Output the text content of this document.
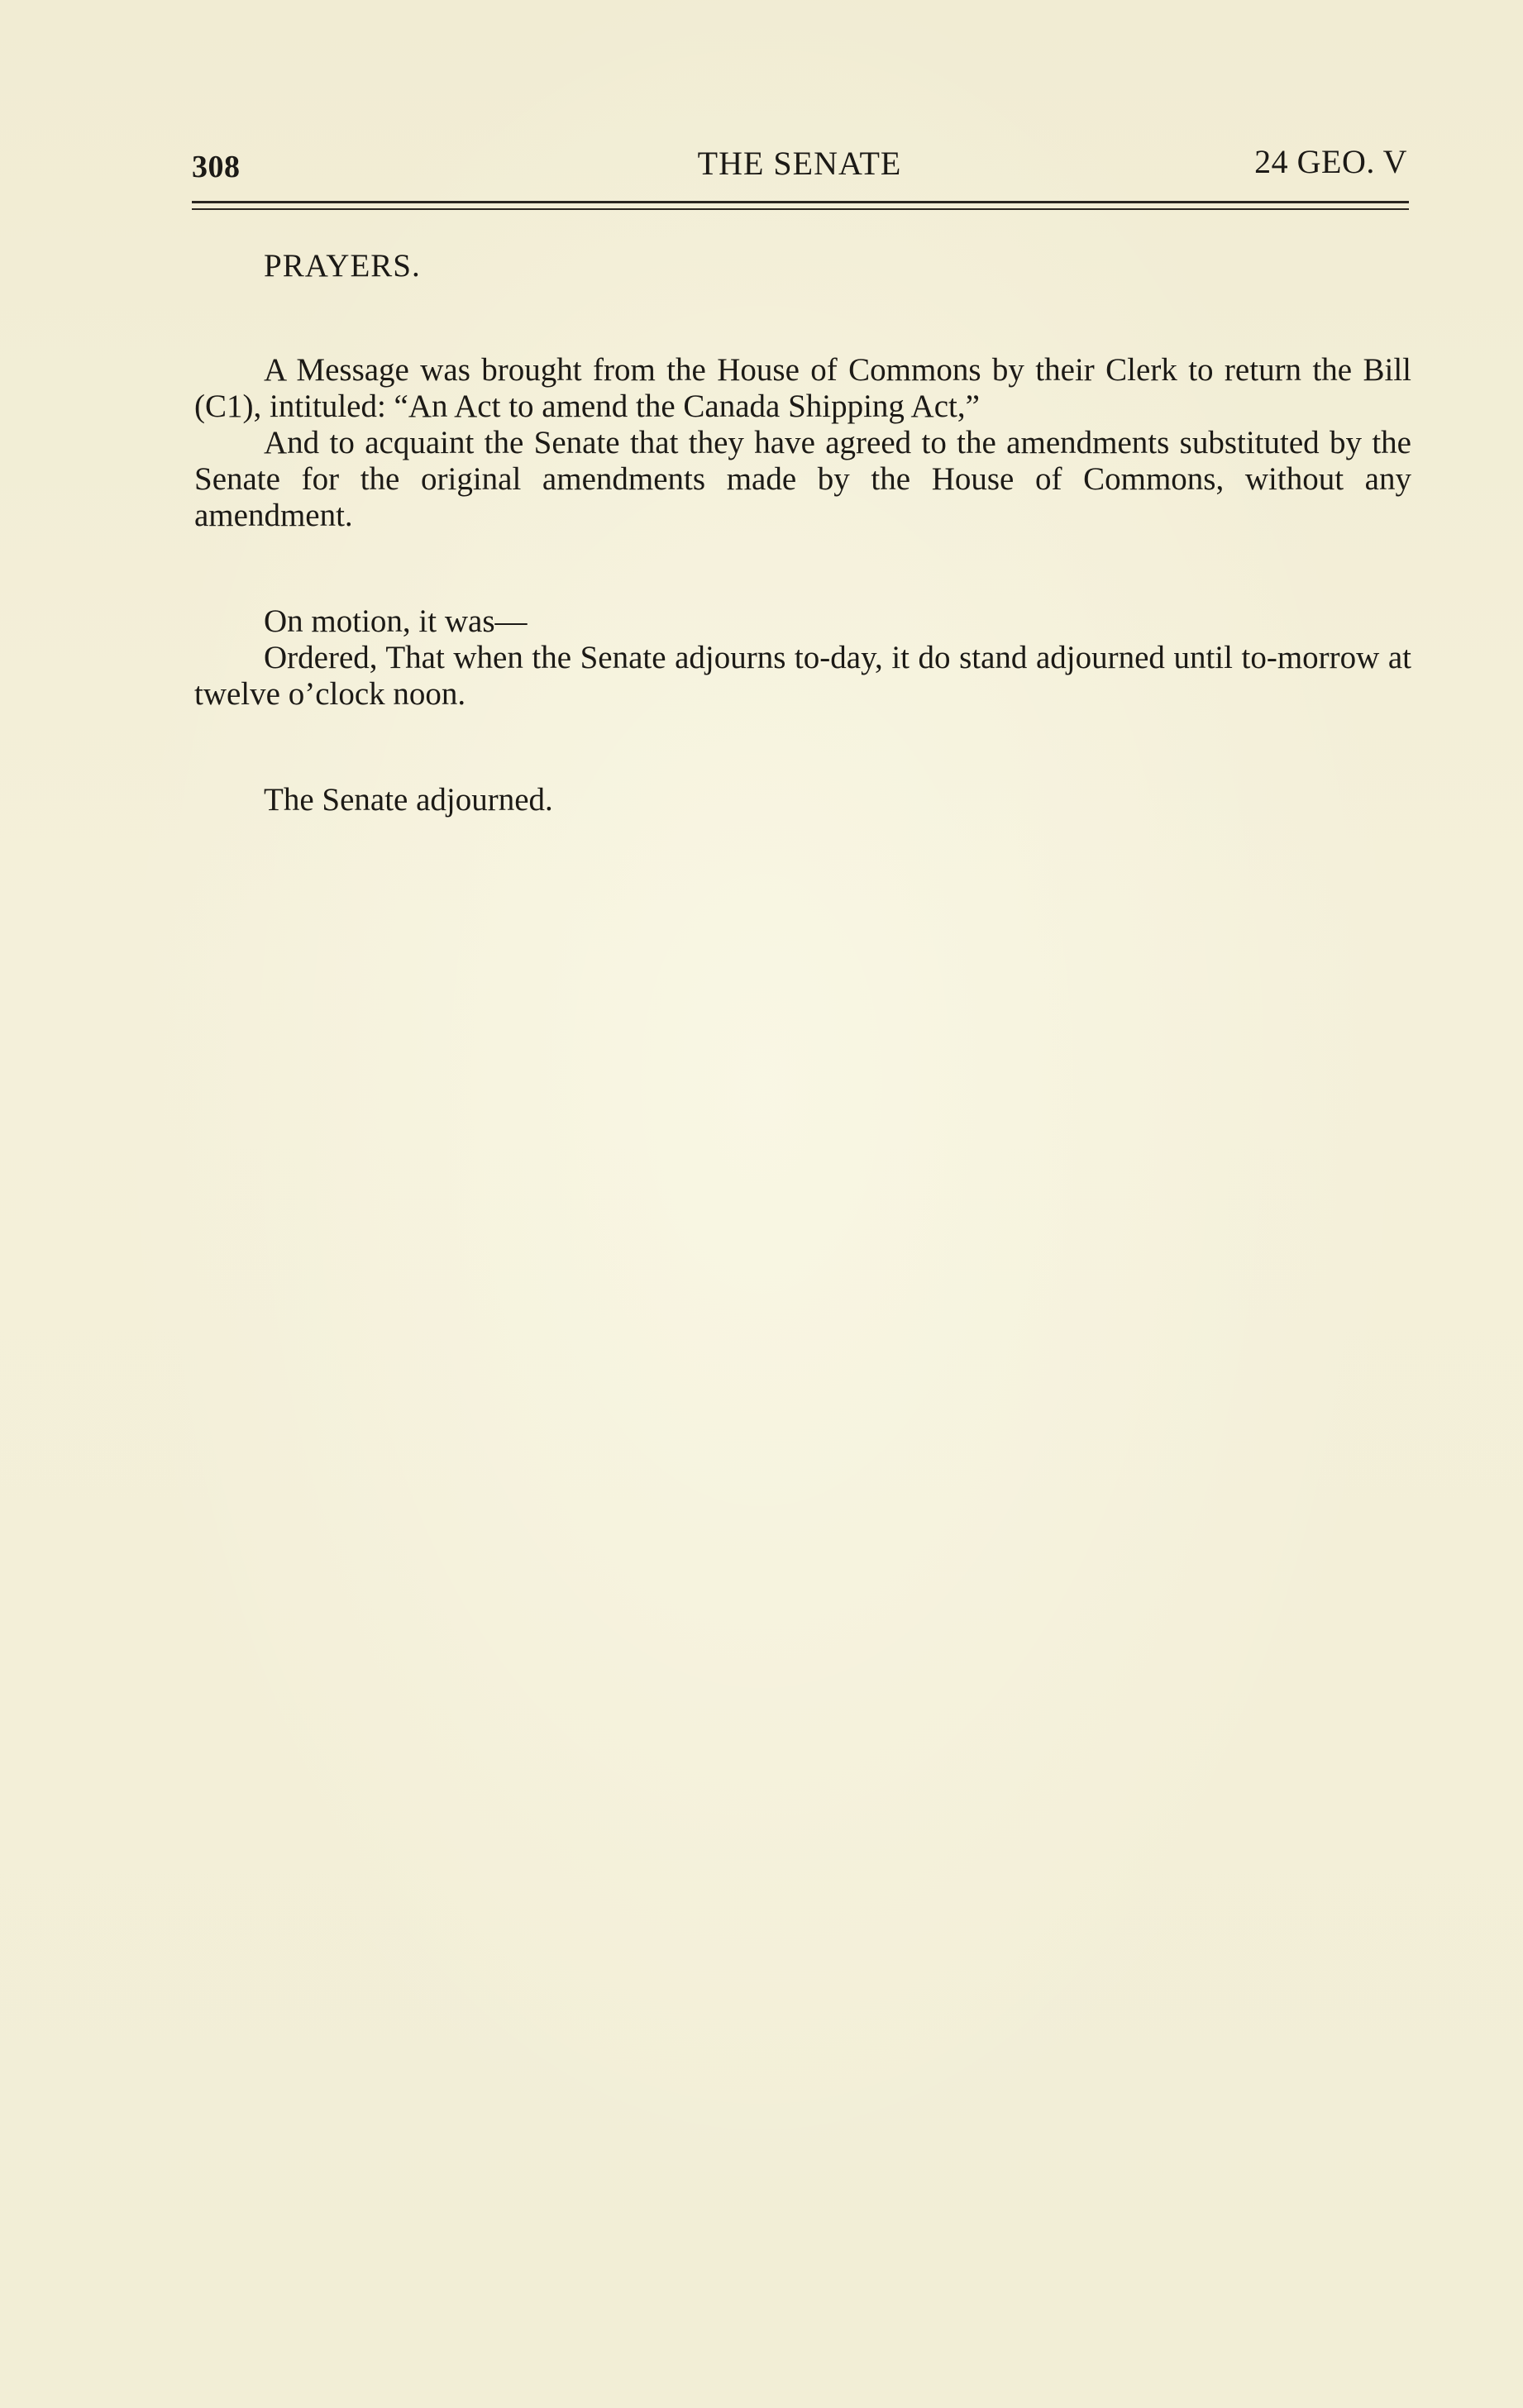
308	THE SENATE	24 GEO. V

PRAYERS.

A Message was brought from the House of Commons by their Clerk to return the Bill (C1), intituled: “An Act to amend the Canada Shipping Act,”

And to acquaint the Senate that they have agreed to the amendments substituted by the Senate for the original amendments made by the House of Commons, without any amendment.

On motion, it was—

Ordered, That when the Senate adjourns to-day, it do stand adjourned until to-morrow at twelve o’clock noon.

The Senate adjourned.
